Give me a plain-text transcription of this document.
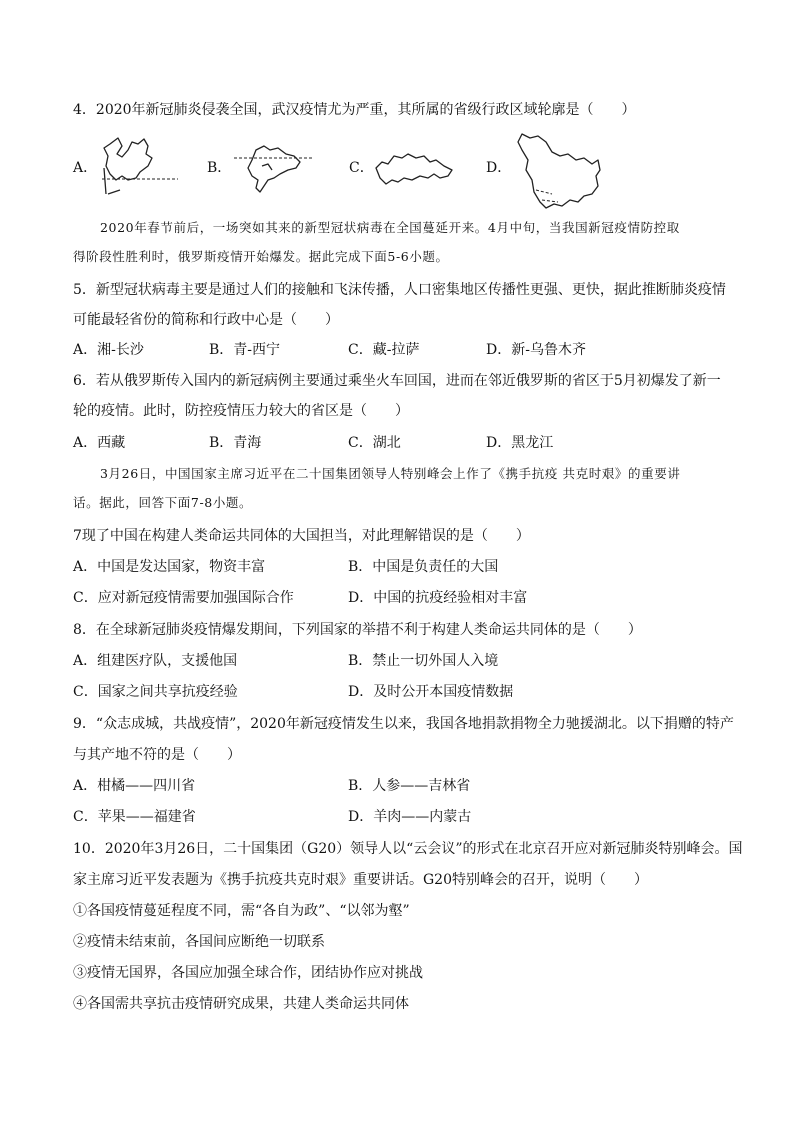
4．2020年新冠肺炎侵袭全国，武汉疫情尤为严重，其所属的省级行政区域轮廓是（　　）
A．	B．	C．	D．
2020年春节前后，一场突如其来的新型冠状病毒在全国蔓延开来。4月中旬，当我国新冠疫情防控取
得阶段性胜利时，俄罗斯疫情开始爆发。据此完成下面5-6小题。
5．新型冠状病毒主要是通过人们的接触和飞沫传播，人口密集地区传播性更强、更快，据此推断肺炎疫情
可能最轻省份的简称和行政中心是（　　）
A．湘-长沙	B．青-西宁	C．藏-拉萨	D．新-乌鲁木齐
6．若从俄罗斯传入国内的新冠病例主要通过乘坐火车回国，进而在邻近俄罗斯的省区于5月初爆发了新一
轮的疫情。此时，防控疫情压力较大的省区是（　　）
A．西藏	B．青海	C．湖北	D．黑龙江
3月26日，中国国家主席习近平在二十国集团领导人特别峰会上作了《携手抗疫 共克时艰》的重要讲
话。据此，回答下面7-8小题。
7现了中国在构建人类命运共同体的大国担当，对此理解错误的是（　　）
A．中国是发达国家，物资丰富	B．中国是负责任的大国
C．应对新冠疫情需要加强国际合作	D．中国的抗疫经验相对丰富
8．在全球新冠肺炎疫情爆发期间，下列国家的举措不利于构建人类命运共同体的是（　　）
A．组建医疗队，支援他国	B．禁止一切外国人入境
C．国家之间共享抗疫经验	D．及时公开本国疫情数据
9．“众志成城，共战疫情”，2020年新冠疫情发生以来，我国各地捐款捐物全力驰援湖北。以下捐赠的特产
与其产地不符的是（　　）
A．柑橘——四川省	B．人参——吉林省
C．苹果——福建省	D．羊肉——内蒙古
10．2020年3月26日，二十国集团（G20）领导人以“云会议”的形式在北京召开应对新冠肺炎特别峰会。国
家主席习近平发表题为《携手抗疫共克时艰》重要讲话。G20特别峰会的召开，说明（　　）
①各国疫情蔓延程度不同，需“各自为政”、“以邻为壑”
②疫情未结束前，各国间应断绝一切联系
③疫情无国界，各国应加强全球合作，团结协作应对挑战
④各国需共享抗击疫情研究成果，共建人类命运共同体
